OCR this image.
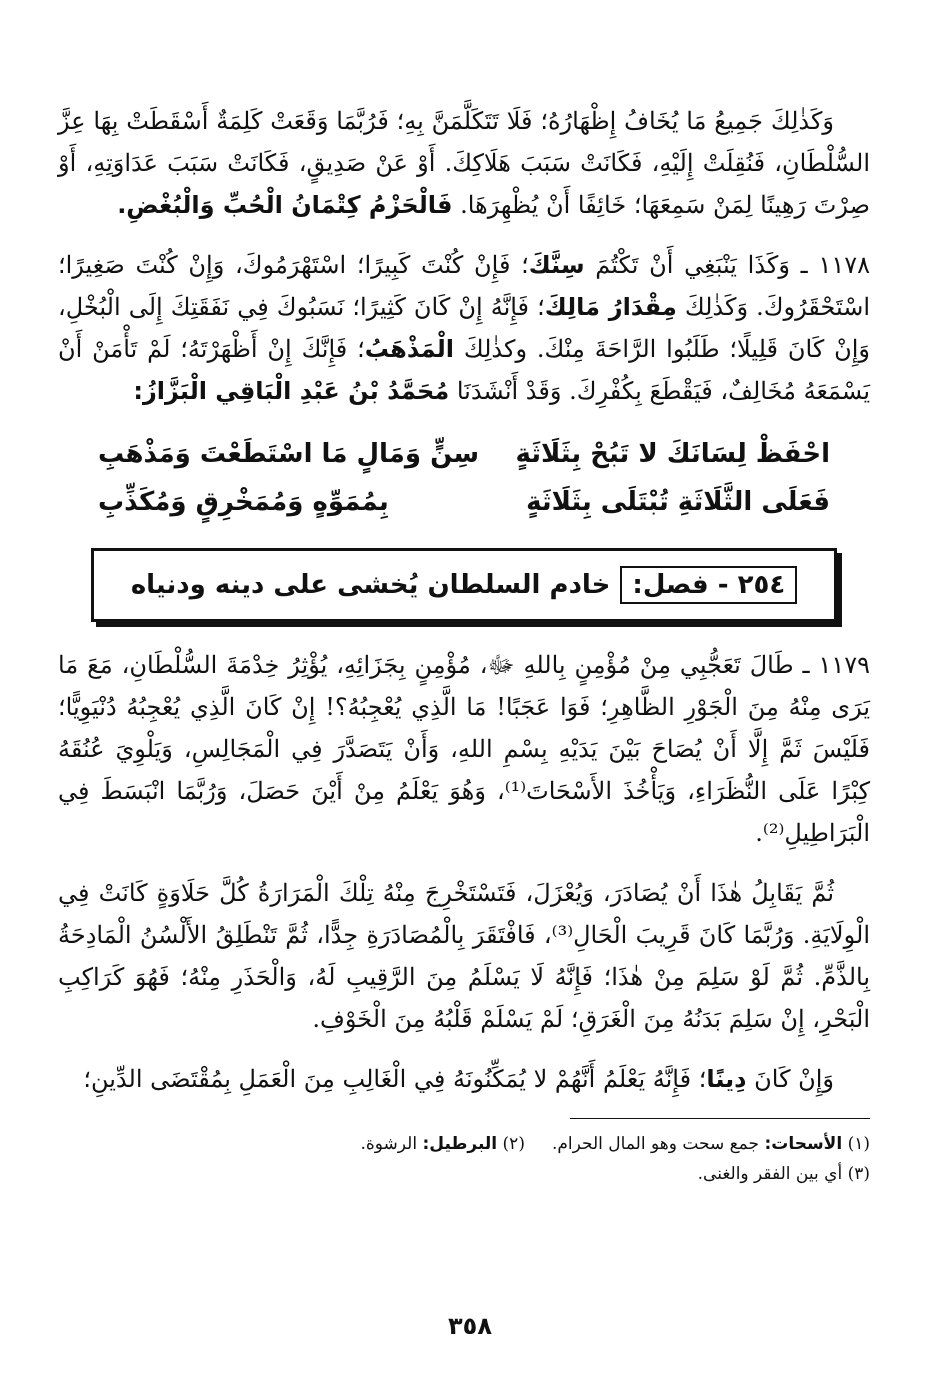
وَكَذٰلِكَ جَمِيعُ مَا يُخَافُ إِظْهَارُهُ؛ فَلَا تَتَكَلَّمَنَّ بِهِ؛ فَرُبَّمَا وَقَعَتْ كَلِمَةٌ أَسْقَطَتْ بِهَا عِزَّ السُّلْطَانِ، فَنُقِلَتْ إِلَيْهِ، فَكَانَتْ سَبَبَ هَلَاكِكَ. أَوْ عَنْ صَدِيقٍ، فَكَانَتْ سَبَبَ عَدَاوَتِهِ، أَوْ صِرْتَ رَهِينًا لِمَنْ سَمِعَهَا؛ خَائِفًا أَنْ يُظْهِرَهَا. فَالْحَزْمُ كِتْمَانُ الْحُبِّ وَالْبُغْضِ.

١١٧٨ ـ وَكَذَا يَنْبَغِي أَنْ تَكْتُمَ سِنَّكَ؛ فَإِنْ كُنْتَ كَبِيرًا؛ اسْتَهْرَمُوكَ، وَإِنْ كُنْتَ صَغِيرًا؛ اسْتَحْقَرُوكَ. وَكَذٰلِكَ مِقْدَارُ مَالِكَ؛ فَإِنَّهُ إِنْ كَانَ كَثِيرًا؛ نَسَبُوكَ فِي نَفَقَتِكَ إِلَى الْبُخْلِ، وَإِنْ كَانَ قَلِيلًا؛ طَلَبُوا الرَّاحَةَ مِنْكَ. وكذٰلِكَ الْمَذْهَبُ؛ فَإِنَّكَ إِنْ أَظْهَرْتَهُ؛ لَمْ تَأْمَنْ أَنْ يَسْمَعَهُ مُخَالِفٌ، فَيَقْطَعَ بِكُفْرِكَ. وَقَدْ أَنْشَدَنَا مُحَمَّدُ بْنُ عَبْدِ الْبَاقِي الْبَزَّازُ:

احْفَظْ لِسَانَكَ لا تَبُحْ بِثَلَاثَةٍ
سِنٍّ وَمَالٍ مَا اسْتَطَعْتَ وَمَذْهَبِ
فَعَلَى الثَّلَاثَةِ تُبْتَلَى بِثَلَاثَةٍ
بِمُمَوِّهٍ وَمُمَخْرِقٍ وَمُكَذِّبِ
٢٥٤ - فصل:
خادم السلطان يُخشى على دينه ودنياه

١١٧٩ ـ طَالَ تَعَجُّبِي مِنْ مُؤْمِنٍ بِاللهِ ﷻ، مُؤْمِنٍ بِجَزَائِهِ، يُؤْثِرُ خِدْمَةَ السُّلْطَانِ، مَعَ مَا يَرَى مِنْهُ مِنَ الْجَوْرِ الظَّاهِرِ؛ فَوَا عَجَبًا! مَا الَّذِي يُعْجِبُهُ؟! إِنْ كَانَ الَّذِي يُعْجِبُهُ دُنْيَوِيًّا؛ فَلَيْسَ ثَمَّ إِلَّا أَنْ يُصَاحَ بَيْنَ يَدَيْهِ بِسْمِ اللهِ، وَأَنْ يَتَصَدَّرَ فِي الْمَجَالِسِ، وَيَلْوِيَ عُنُقَهُ كِبْرًا عَلَى النُّظَرَاءِ، وَيَأْخُذَ الأَسْحَاتَ⁽¹⁾، وَهُوَ يَعْلَمُ مِنْ أَيْنَ حَصَلَ، وَرُبَّمَا انْبَسَطَ فِي الْبَرَاطِيلِ⁽²⁾.

ثُمَّ يَقَابِلُ هٰذَا أَنْ يُصَادَرَ، وَيُعْزَلَ، فَتَسْتَخْرِجَ مِنْهُ تِلْكَ الْمَرَارَةُ كُلَّ حَلَاوَةٍ كَانَتْ فِي الْوِلَايَةِ. وَرُبَّمَا كَانَ قَرِيبَ الْحَالِ⁽³⁾، فَافْتَقَرَ بِالْمُصَادَرَةِ جِدًّا، ثُمَّ تَنْطَلِقُ الأَلْسُنُ الْمَادِحَةُ بِالذَّمِّ. ثُمَّ لَوْ سَلِمَ مِنْ هٰذَا؛ فَإِنَّهُ لَا يَسْلَمُ مِنَ الرَّقِيبِ لَهُ، وَالْحَذَرِ مِنْهُ؛ فَهُوَ كَرَاكِبِ الْبَحْرِ، إِنْ سَلِمَ بَدَنُهُ مِنَ الْغَرَقِ؛ لَمْ يَسْلَمْ قَلْبُهُ مِنَ الْخَوْفِ.

وَإِنْ كَانَ دِينًا؛ فَإِنَّهُ يَعْلَمُ أَنَّهُمْ لا يُمَكِّنُونَهُ فِي الْغَالِبِ مِنَ الْعَمَلِ بِمُقْتَضَى الدِّينِ؛

(١) الأسحات: جمع سحت وهو المال الحرام.     (٢) البرطيل: الرشوة.
(٣) أي بين الفقر والغنى.
٣٥٨
